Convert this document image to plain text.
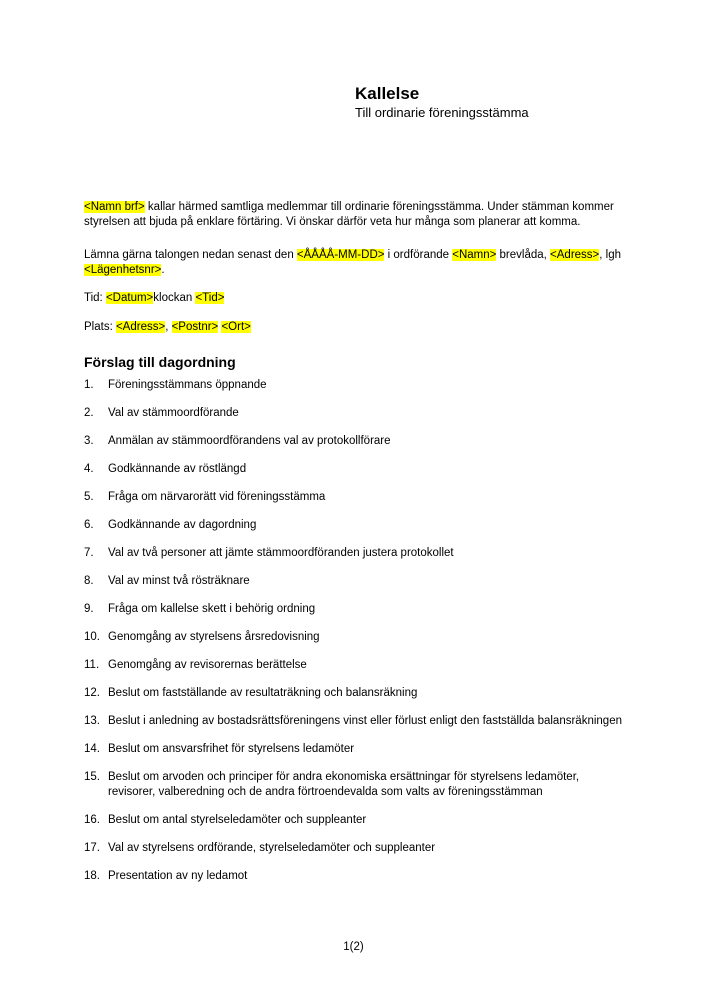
Kallelse
Till ordinarie föreningsstämma

<Namn brf> kallar härmed samtliga medlemmar till ordinarie föreningsstämma. Under stämman kommer styrelsen att bjuda på enklare förtäring. Vi önskar därför veta hur många som planerar att komma.

Lämna gärna talongen nedan senast den <ÅÅÅÅ-MM-DD> i ordförande <Namn> brevlåda, <Adress>, lgh <Lägenhetsnr>.

Tid: <Datum>klockan <Tid>

Plats: <Adress>, <Postnr> <Ort>

Förslag till dagordning
1. Föreningsstämmans öppnande
2. Val av stämmoordförande
3. Anmälan av stämmoordförandens val av protokollförare
4. Godkännande av röstlängd
5. Fråga om närvarorätt vid föreningsstämma
6. Godkännande av dagordning
7. Val av två personer att jämte stämmoordföranden justera protokollet
8. Val av minst två rösträknare
9. Fråga om kallelse skett i behörig ordning
10. Genomgång av styrelsens årsredovisning
11. Genomgång av revisorernas berättelse
12. Beslut om fastställande av resultaträkning och balansräkning
13. Beslut i anledning av bostadsrättsföreningens vinst eller förlust enligt den fastställda balansräkningen
14. Beslut om ansvarsfrihet för styrelsens ledamöter
15. Beslut om arvoden och principer för andra ekonomiska ersättningar för styrelsens ledamöter, revisorer, valberedning och de andra förtroendevalda som valts av föreningsstämman
16. Beslut om antal styrelseledamöter och suppleanter
17. Val av styrelsens ordförande, styrelseledamöter och suppleanter
18. Presentation av ny ledamot
1(2)
